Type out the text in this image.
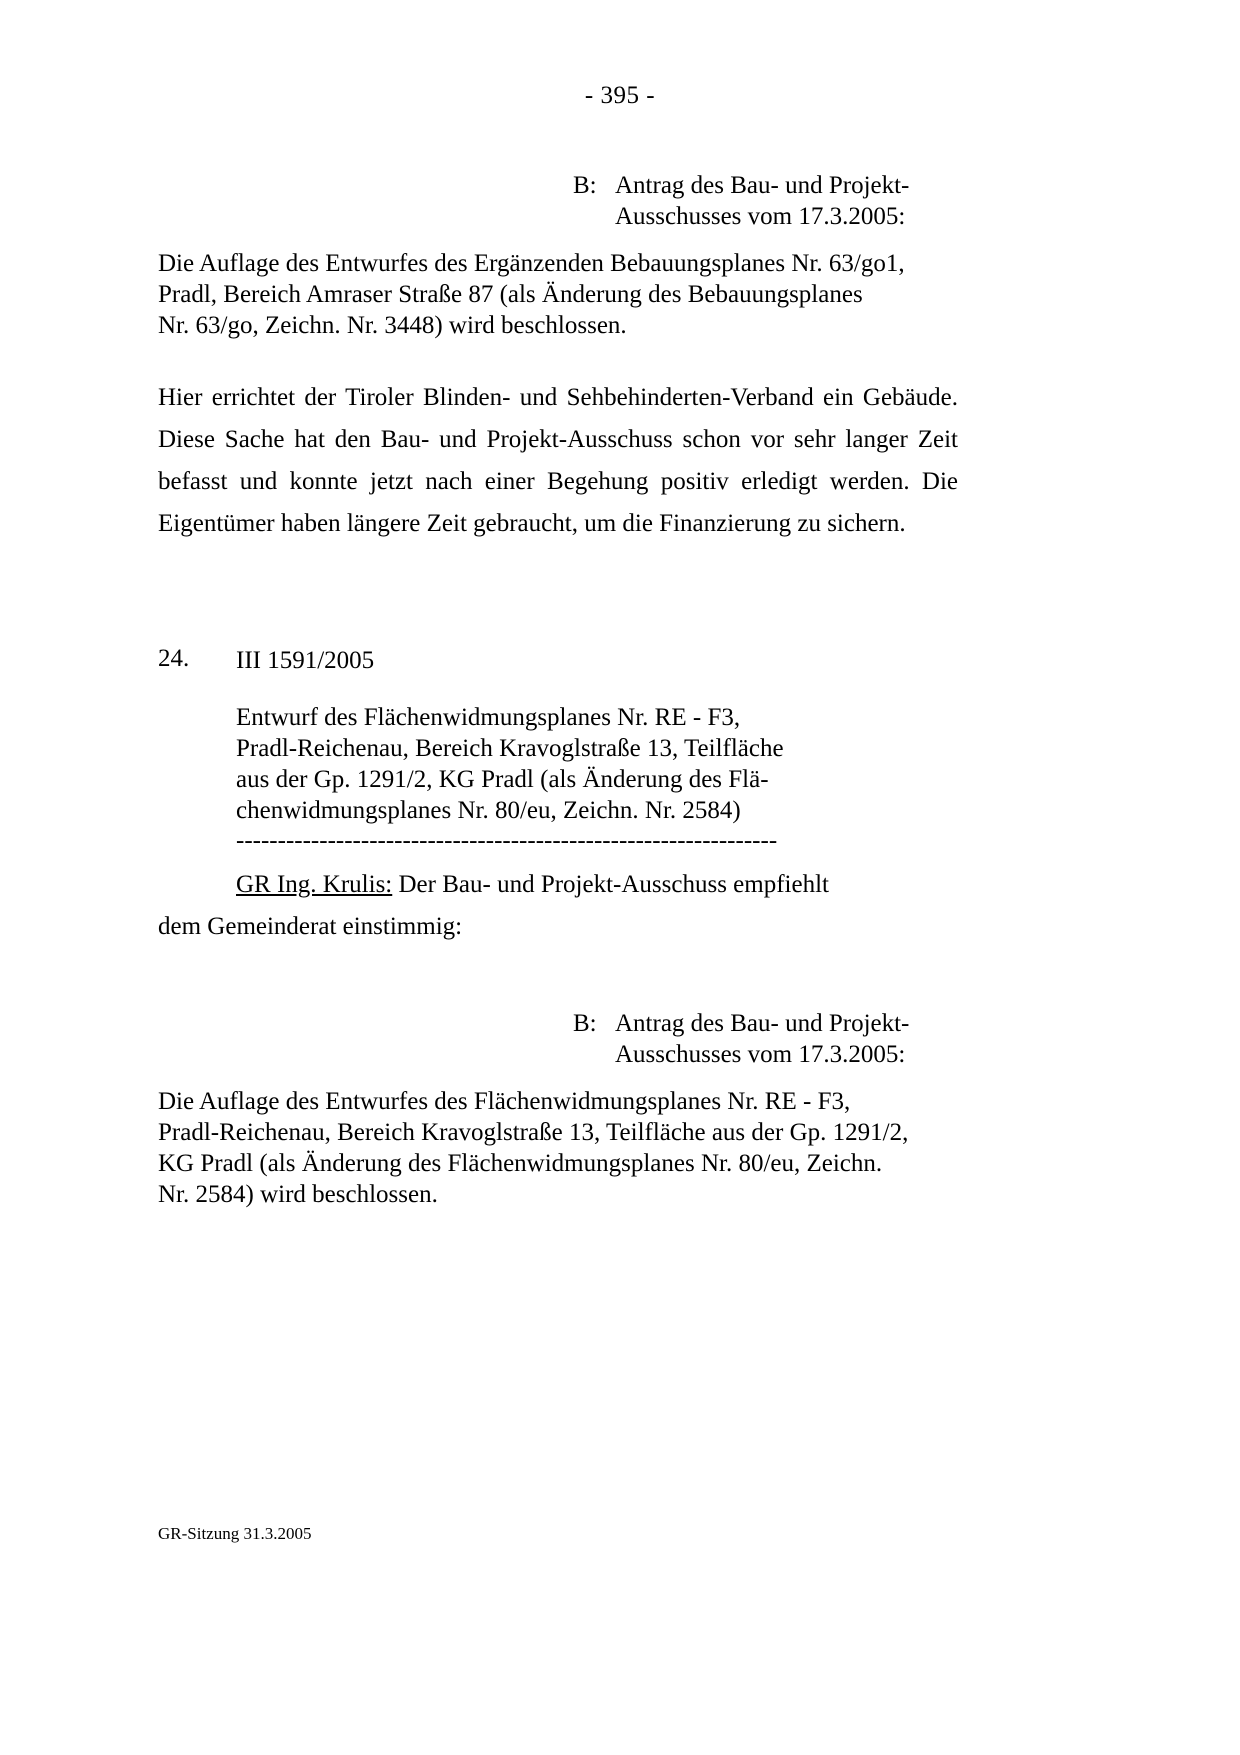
- 395 -
B: Antrag des Bau- und Projekt-
Ausschusses vom 17.3.2005:
Die Auflage des Entwurfes des Ergänzenden Bebauungsplanes Nr. 63/go1,
Pradl, Bereich Amraser Straße 87 (als Änderung des Bebauungsplanes
Nr. 63/go, Zeichn. Nr. 3448) wird beschlossen.
Hier errichtet der Tiroler Blinden- und Sehbehinderten-Verband ein Gebäude. Diese Sache hat den Bau- und Projekt-Ausschuss schon vor sehr langer Zeit befasst und konnte jetzt nach einer Begehung positiv erledigt werden. Die Eigentümer haben längere Zeit gebraucht, um die Finanzierung zu sichern.
24. III 1591/2005
Entwurf des Flächenwidmungsplanes Nr. RE - F3,
Pradl-Reichenau, Bereich Kravoglstraße 13, Teilfläche
aus der Gp. 1291/2, KG Pradl (als Änderung des Flä-
chenwidmungsplanes Nr. 80/eu, Zeichn. Nr. 2584)
-----------------------------------------------------------------
GR Ing. Krulis: Der Bau- und Projekt-Ausschuss empfiehlt
dem Gemeinderat einstimmig:
B: Antrag des Bau- und Projekt-
Ausschusses vom 17.3.2005:
Die Auflage des Entwurfes des Flächenwidmungsplanes Nr. RE - F3,
Pradl-Reichenau, Bereich Kravoglstraße 13, Teilfläche aus der Gp. 1291/2,
KG Pradl (als Änderung des Flächenwidmungsplanes Nr. 80/eu, Zeichn.
Nr. 2584) wird beschlossen.
GR-Sitzung 31.3.2005
